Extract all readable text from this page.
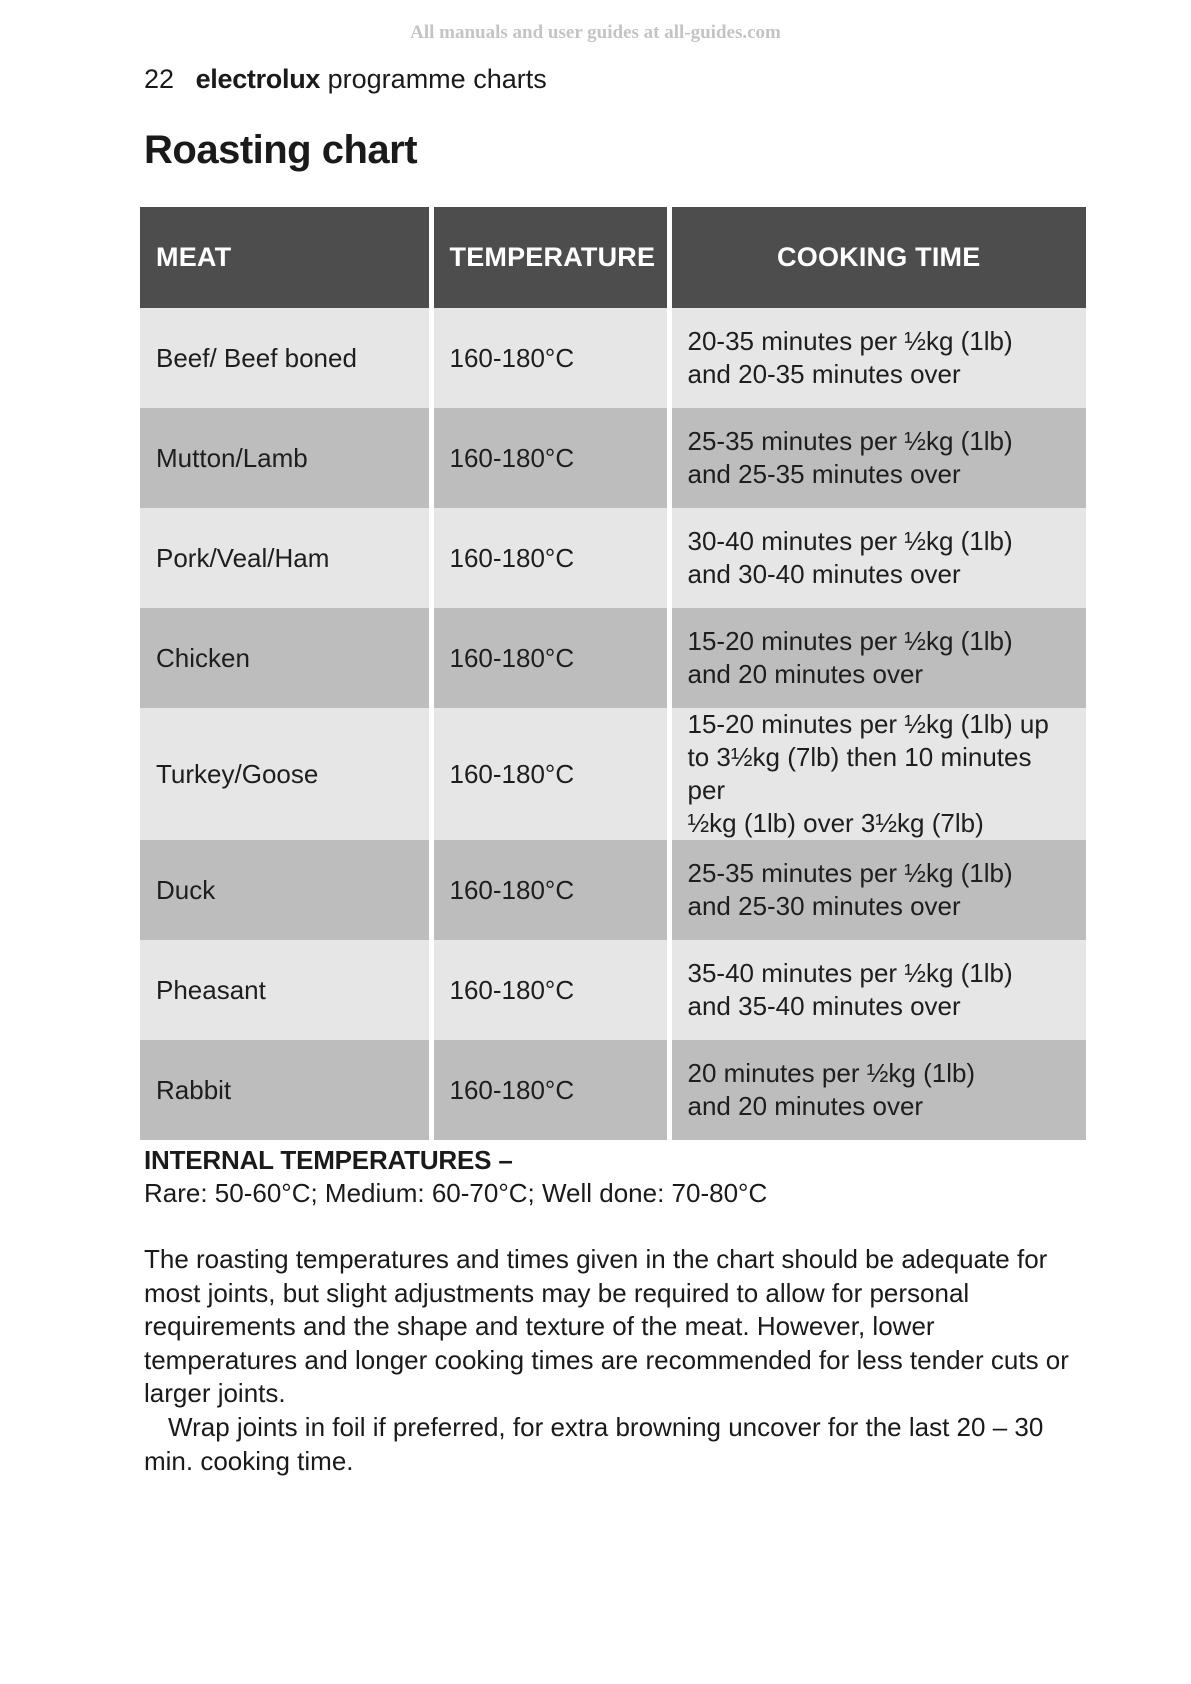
All manuals and user guides at all-guides.com
22 electrolux programme charts
Roasting chart
MEAT	TEMPERATURE	COOKING TIME
Beef/ Beef boned	160-180°C	20-35 minutes per ½kg (1lb)
and 20-35 minutes over

Mutton/Lamb	160-180°C	25-35 minutes per ½kg (1lb)
and 25-35 minutes over

Pork/Veal/Ham	160-180°C	30-40 minutes per ½kg (1lb)
and 30-40 minutes over

Chicken	160-180°C	15-20 minutes per ½kg (1lb)
and 20 minutes over

Turkey/Goose	160-180°C	15-20 minutes per ½kg (1lb) up
to 3½kg (7lb) then 10 minutes per
½kg (1lb) over 3½kg (7lb)

Duck	160-180°C	25-35 minutes per ½kg (1lb)
and 25-30 minutes over

Pheasant	160-180°C	35-40 minutes per ½kg (1lb)
and 35-40 minutes over

Rabbit	160-180°C	20 minutes per ½kg (1lb)
and 20 minutes over
INTERNAL TEMPERATURES –
Rare: 50-60°C; Medium: 60-70°C; Well done: 70-80°C

The roasting temperatures and times given in the chart should be adequate for most joints, but slight adjustments may be required to allow for personal requirements and the shape and texture of the meat. However, lower temperatures and longer cooking times are recommended for less tender cuts or larger joints.

Wrap joints in foil if preferred, for extra browning uncover for the last 20 – 30 min. cooking time.
